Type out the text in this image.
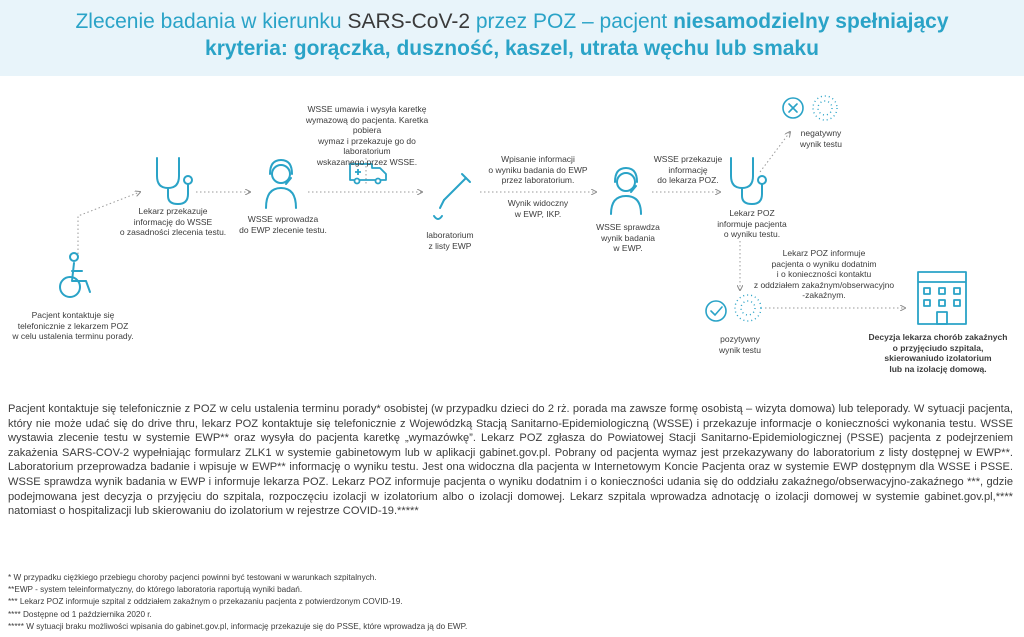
Zlecenie badania w kierunku SARS-CoV-2 przez POZ – pacjent niesamodzielny spełniający
kryteria: gorączka, duszność, kaszel, utrata węchu lub smaku
Pacjent kontaktuje się
telefonicznie z lekarzem POZ
w celu ustalenia terminu porady.
Lekarz przekazuje
informację do WSSE
o zasadności zlecenia testu.
WSSE wprowadza
do EWP zlecenie testu.
WSSE umawia i wysyła karetkę
wymazową do pacjenta. Karetka pobiera
wymaz i przekazuje go do laboratorium
wskazanego przez WSSE.
laboratorium
z listy EWP
Wpisanie informacji
o wyniku badania do EWP
przez laboratorium.
Wynik widoczny
w EWP, IKP.
WSSE sprawdza
wynik badania
w EWP.
WSSE przekazuje
informację
do lekarza POZ.
Lekarz POZ
informuje pacjenta
o wyniku testu.
negatywny
wynik testu
Lekarz POZ informuje
pacjenta o wyniku dodatnim
i o konieczności kontaktu
z oddziałem zakaźnym/obserwacyjno
-zakaźnym.
pozytywny
wynik testu
Decyzja lekarza chorób zakaźnych
o przyjęciudo szpitala,
skierowaniudo izolatorium
lub na izolację domową.

Pacjent kontaktuje się telefonicznie z POZ w celu ustalenia terminu porady* osobistej (w przypadku dzieci do 2 rż. porada ma zawsze formę osobistą – wizyta domowa) lub teleporady. W sytuacji pacjenta, który nie może udać się do drive thru, lekarz POZ kontaktuje się telefonicznie z Wojewódzką Stacją Sanitarno-Epidemiologiczną (WSSE) i przekazuje informacje o konieczności wykonania testu. WSSE wystawia zlecenie testu w systemie EWP** oraz wysyła do pacjenta karetkę „wymazówkę”. Lekarz POZ zgłasza do Powiatowej Stacji Sanitarno-Epidemiologicznej (PSSE) pacjenta z podejrzeniem zakażenia SARS-COV-2 wypełniając formularz ZLK1 w systemie gabinetowym lub w aplikacji gabinet.gov.pl. Pobrany od pacjenta wymaz jest przekazywany do laboratorium z listy dostępnej w EWP**. Laboratorium przeprowadza badanie i wpisuje w EWP** informację o wyniku testu. Jest ona widoczna dla pacjenta w Internetowym Koncie Pacjenta oraz w systemie EWP dostępnym dla WSSE i PSSE. WSSE sprawdza wynik badania w EWP i informuje lekarza POZ. Lekarz POZ informuje pacjenta o wyniku dodatnim i o konieczności udania się do oddziału zakaźnego/obserwacyjno-zakaźnego ***, gdzie podejmowana jest decyzja o przyjęciu do szpitala, rozpoczęciu izolacji w izolatorium albo o izolacji domowej. Lekarz szpitala wprowadza adnotację o izolacji domowej w systemie gabinet.gov.pl,**** natomiast o hospitalizacji lub skierowaniu do izolatorium w rejestrze COVID-19.*****

* W przypadku ciężkiego przebiegu choroby pacjenci powinni być testowani w warunkach szpitalnych.
**EWP - system teleinformatyczny, do którego laboratoria raportują wyniki badań.
*** Lekarz POZ informuje szpital z oddziałem zakaźnym o przekazaniu pacjenta z potwierdzonym COVID-19.
**** Dostępne od 1 października 2020 r.
***** W sytuacji braku możliwości wpisania do gabinet.gov.pl, informację przekazuje się do PSSE, które wprowadza ją do EWP.
